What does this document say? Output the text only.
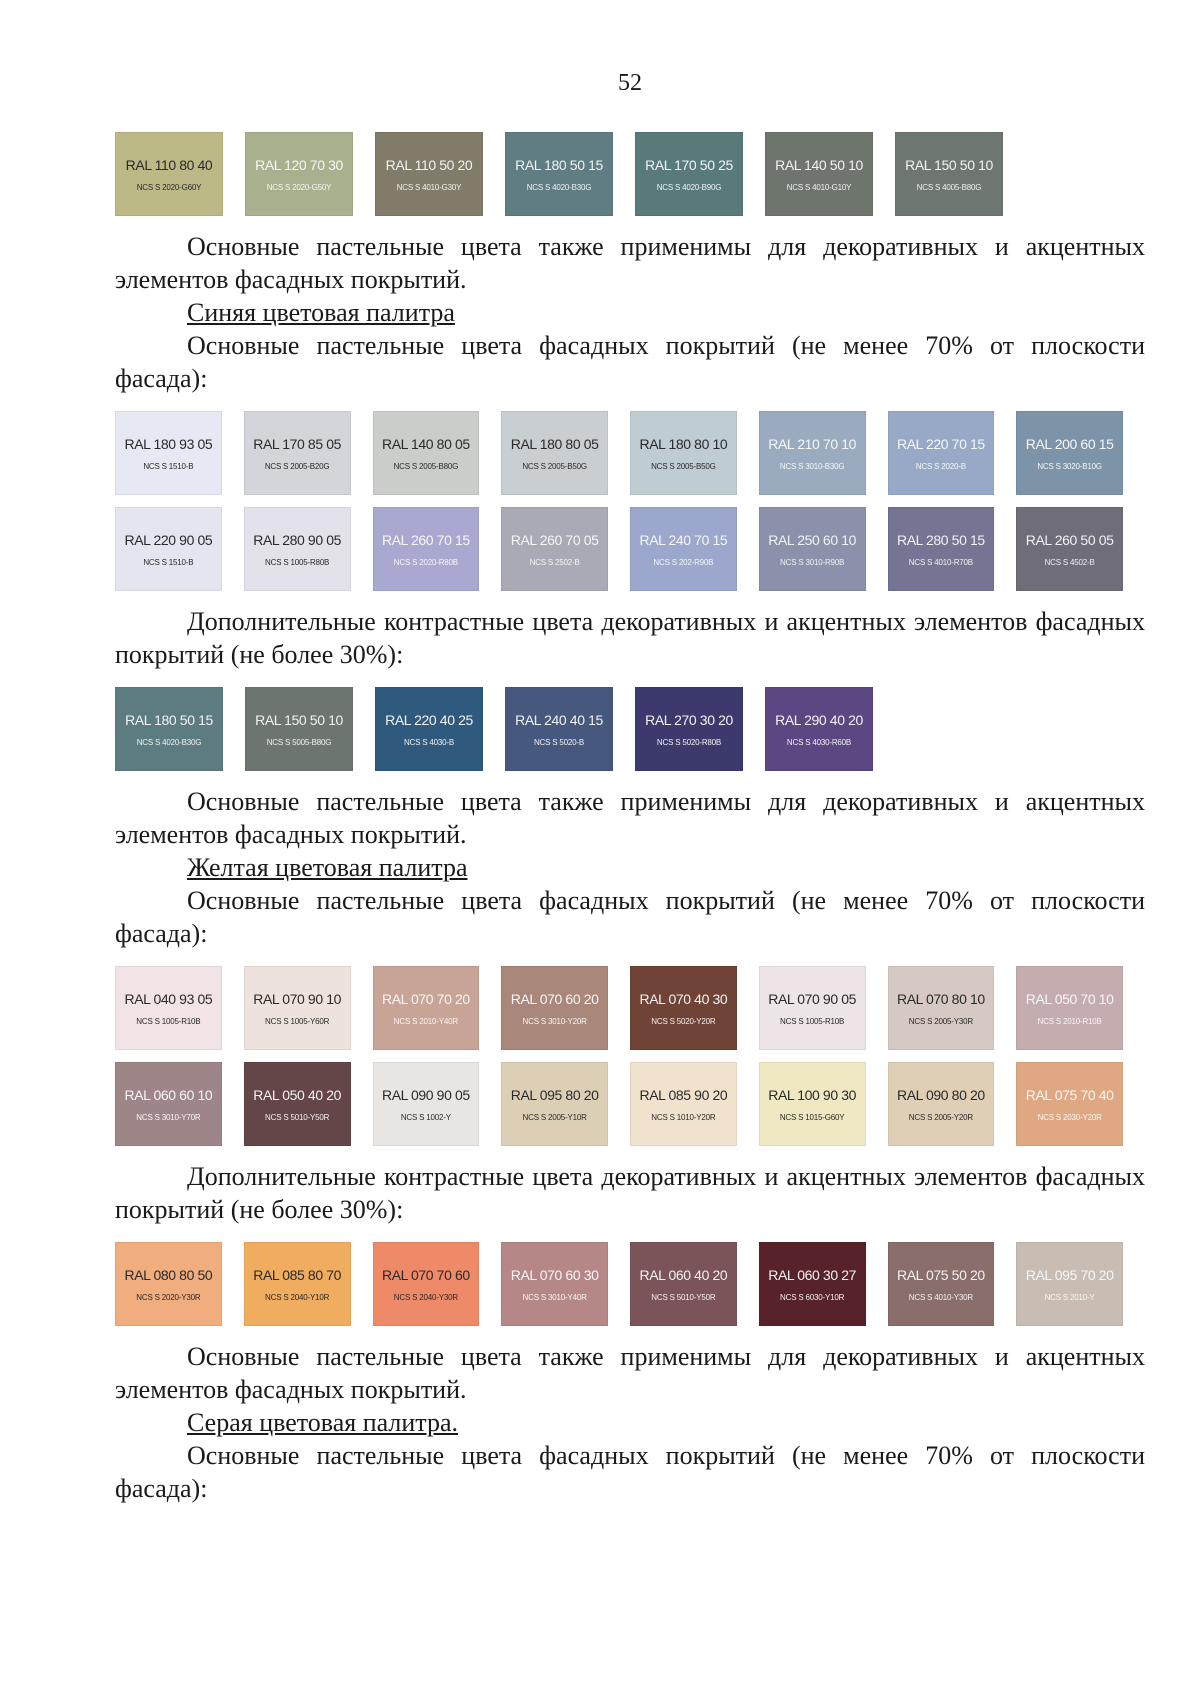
52
RAL 110 80 40
NCS S 2020-G60Y
RAL 120 70 30
NCS S 2020-G50Y
RAL 110 50 20
NCS S 4010-G30Y
RAL 180 50 15
NCS S 4020-B30G
RAL 170 50 25
NCS S 4020-B90G
RAL 140 50 10
NCS S 4010-G10Y
RAL 150 50 10
NCS S 4005-B80G

Основные пастельные цвета также применимы для декоративных и акцентных элементов фасадных покрытий.

Синяя цветовая палитра

Основные пастельные цвета фасадных покрытий (не менее 70% от плоскости фасада):

RAL 180 93 05
NCS S 1510-B
RAL 170 85 05
NCS S 2005-B20G
RAL 140 80 05
NCS S 2005-B80G
RAL 180 80 05
NCS S 2005-B50G
RAL 180 80 10
NCS S 2005-B50G
RAL 210 70 10
NCS S 3010-B30G
RAL 220 70 15
NCS S 2020-B
RAL 200 60 15
NCS S 3020-B10G
RAL 220 90 05
NCS S 1510-B
RAL 280 90 05
NCS S 1005-R80B
RAL 260 70 15
NCS S 2020-R80B
RAL 260 70 05
NCS S 2502-B
RAL 240 70 15
NCS S 202-R90B
RAL 250 60 10
NCS S 3010-R90B
RAL 280 50 15
NCS S 4010-R70B
RAL 260 50 05
NCS S 4502-B

Дополнительные контрастные цвета декоративных и акцентных элементов фасадных покрытий (не более 30%):

RAL 180 50 15
NCS S 4020-B30G
RAL 150 50 10
NCS S 5005-B80G
RAL 220 40 25
NCS S 4030-B
RAL 240 40 15
NCS S 5020-B
RAL 270 30 20
NCS S 5020-R80B
RAL 290 40 20
NCS S 4030-R60B

Основные пастельные цвета также применимы для декоративных и акцентных элементов фасадных покрытий.

Желтая цветовая палитра

Основные пастельные цвета фасадных покрытий (не менее 70% от плоскости фасада):

RAL 040 93 05
NCS S 1005-R10B
RAL 070 90 10
NCS S 1005-Y60R
RAL 070 70 20
NCS S 2010-Y40R
RAL 070 60 20
NCS S 3010-Y20R
RAL 070 40 30
NCS S 5020-Y20R
RAL 070 90 05
NCS S 1005-R10B
RAL 070 80 10
NCS S 2005-Y30R
RAL 050 70 10
NCS S 2010-R10B
RAL 060 60 10
NCS S 3010-Y70R
RAL 050 40 20
NCS S 5010-Y50R
RAL 090 90 05
NCS S 1002-Y
RAL 095 80 20
NCS S 2005-Y10R
RAL 085 90 20
NCS S 1010-Y20R
RAL 100 90 30
NCS S 1015-G60Y
RAL 090 80 20
NCS S 2005-Y20R
RAL 075 70 40
NCS S 2030-Y20R

Дополнительные контрастные цвета декоративных и акцентных элементов фасадных покрытий (не более 30%):

RAL 080 80 50
NCS S 2020-Y30R
RAL 085 80 70
NCS S 2040-Y10R
RAL 070 70 60
NCS S 2040-Y30R
RAL 070 60 30
NCS S 3010-Y40R
RAL 060 40 20
NCS S 5010-Y50R
RAL 060 30 27
NCS S 6030-Y10R
RAL 075 50 20
NCS S 4010-Y30R
RAL 095 70 20
NCS S 2010-Y

Основные пастельные цвета также применимы для декоративных и акцентных элементов фасадных покрытий.

Серая цветовая палитра.

Основные пастельные цвета фасадных покрытий (не менее 70% от плоскости фасада):
